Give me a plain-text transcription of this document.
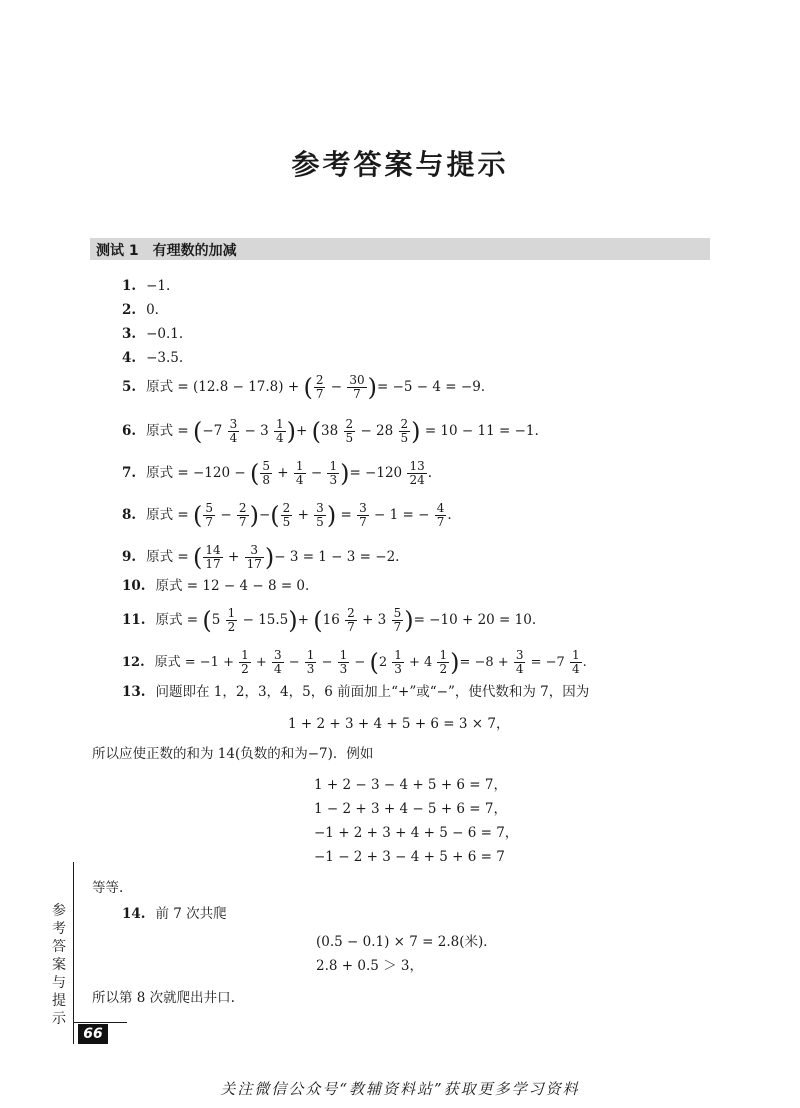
参考答案与提示
测试 1　有理数的加减
1. −1.
2. 0.
3. −0.1.
4. −3.5.
5. 原式 = (12.8 − 17.8) + ( $\frac{2}{7} - \frac{30}{7}$ )= −5 − 4 = −9.
6. 原式 = ($-7 \frac{3}{4} - 3 \frac{1}{4}$ )+ ($38 \frac{2}{5} - 28 \frac{2}{5}$ ) = 10 − 11 = −1.
7. 原式 = −120 − ( $\frac{5}{8} + \frac{1}{4} - \frac{1}{3}$ )= $-120 \frac{13}{24}$ .
8. 原式 = ( $\frac{5}{7} - \frac{2}{7}$ )−( $\frac{2}{5} + \frac{3}{5}$ ) = $\frac{3}{7} - 1$ = − $\frac{4}{7}$ .
9. 原式 = ( $\frac{14}{17} + \frac{3}{17}$ )− 3 = 1 − 3 = −2.
10. 原式 = 12 − 4 − 8 = 0.
11. 原式 = $(5 \frac{1}{2} - 15.5)+ (16 \frac{2}{7} + 3 \frac{5}{7}$ )= −10 + 20 = 10.
12. 原式 = $-1 + \frac{1}{2} + \frac{3}{4} - \frac{1}{3} - \frac{1}{3} - (2 \frac{1}{3} + 4 \frac{1}{2}$ )= $-8 + \frac{3}{4} = -7 \frac{1}{4}$ .
13. 问题即在 1，2，3，4，5，6 前面加上“+”或“−”，使代数和为 7，因为
1 + 2 + 3 + 4 + 5 + 6 = 3 × 7，
所以应使正数的和为 14(负数的和为−7)．例如
1 + 2 − 3 − 4 + 5 + 6 = 7，
1 − 2 + 3 + 4 − 5 + 6 = 7，
−1 + 2 + 3 + 4 + 5 − 6 = 7，
−1 − 2 + 3 − 4 + 5 + 6 = 7
等等.
14. 前 7 次共爬
(0.5 − 0.1) × 7 = 2.8(米)．
2.8 + 0.5 ＞ 3，
所以第 8 次就爬出井口.
参考答案与提示
66
关注微信公众号“教辅资料站”获取更多学习资料
